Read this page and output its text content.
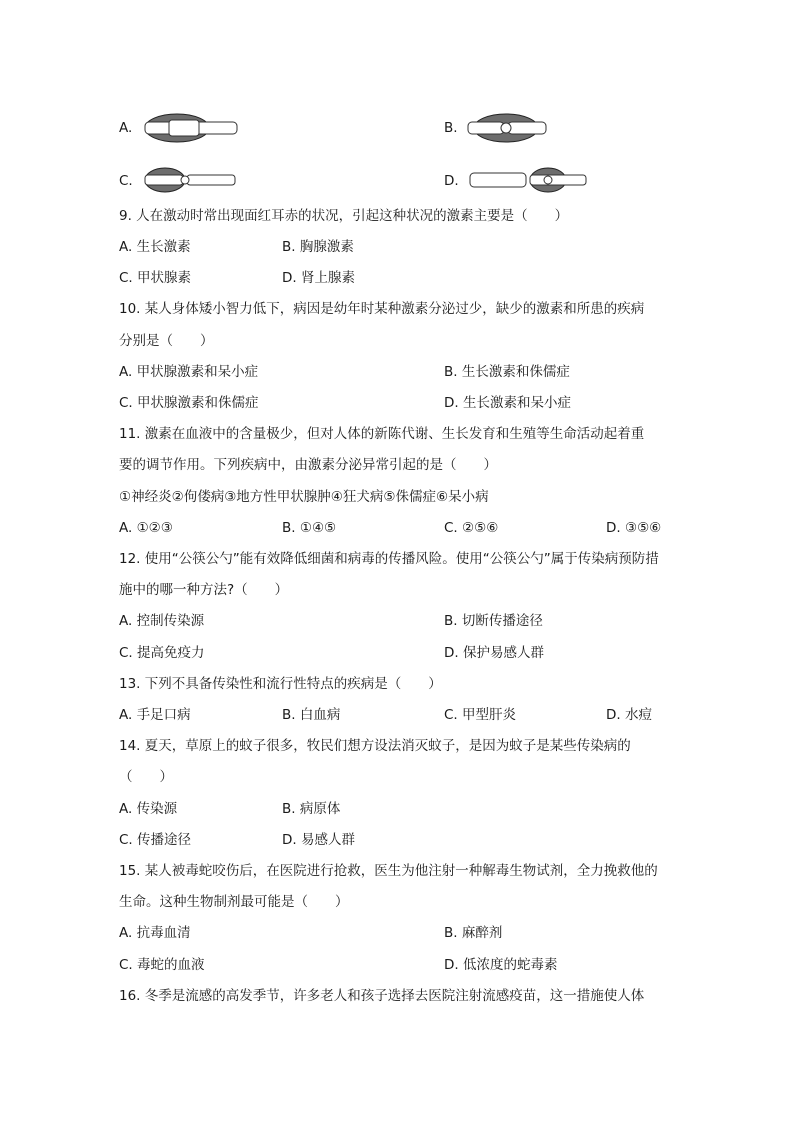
A.	B.
C.	D.
9. 人在激动时常出现面红耳赤的状况，引起这种状况的激素主要是（　　）
A. 生长激素	B. 胸腺激素
C. 甲状腺素	D. 肾上腺素
10. 某人身体矮小智力低下，病因是幼年时某种激素分泌过少，缺少的激素和所患的疾病
分别是（　　）
A. 甲状腺激素和呆小症	B. 生长激素和侏儒症
C. 甲状腺激素和侏儒症	D. 生长激素和呆小症
11. 激素在血液中的含量极少，但对人体的新陈代谢、生长发育和生殖等生命活动起着重
要的调节作用。下列疾病中，由激素分泌异常引起的是（　　）
①神经炎②佝偻病③地方性甲状腺肿④狂犬病⑤侏儒症⑥呆小病
A. ①②③	B. ①④⑤	C. ②⑤⑥	D. ③⑤⑥
12. 使用“公筷公勺”能有效降低细菌和病毒的传播风险。使用“公筷公勺”属于传染病预防措
施中的哪一种方法?（　　）
A. 控制传染源	B. 切断传播途径
C. 提高免疫力	D. 保护易感人群
13. 下列不具备传染性和流行性特点的疾病是（　　）
A. 手足口病	B. 白血病	C. 甲型肝炎	D. 水痘
14. 夏天，草原上的蚊子很多，牧民们想方设法消灭蚊子，是因为蚊子是某些传染病的
（　　）
A. 传染源	B. 病原体
C. 传播途径	D. 易感人群
15. 某人被毒蛇咬伤后，在医院进行抢救，医生为他注射一种解毒生物试剂，全力挽救他的
生命。这种生物制剂最可能是（　　）
A. 抗毒血清	B. 麻醉剂
C. 毒蛇的血液	D. 低浓度的蛇毒素
16. 冬季是流感的高发季节，许多老人和孩子选择去医院注射流感疫苗，这一措施使人体
